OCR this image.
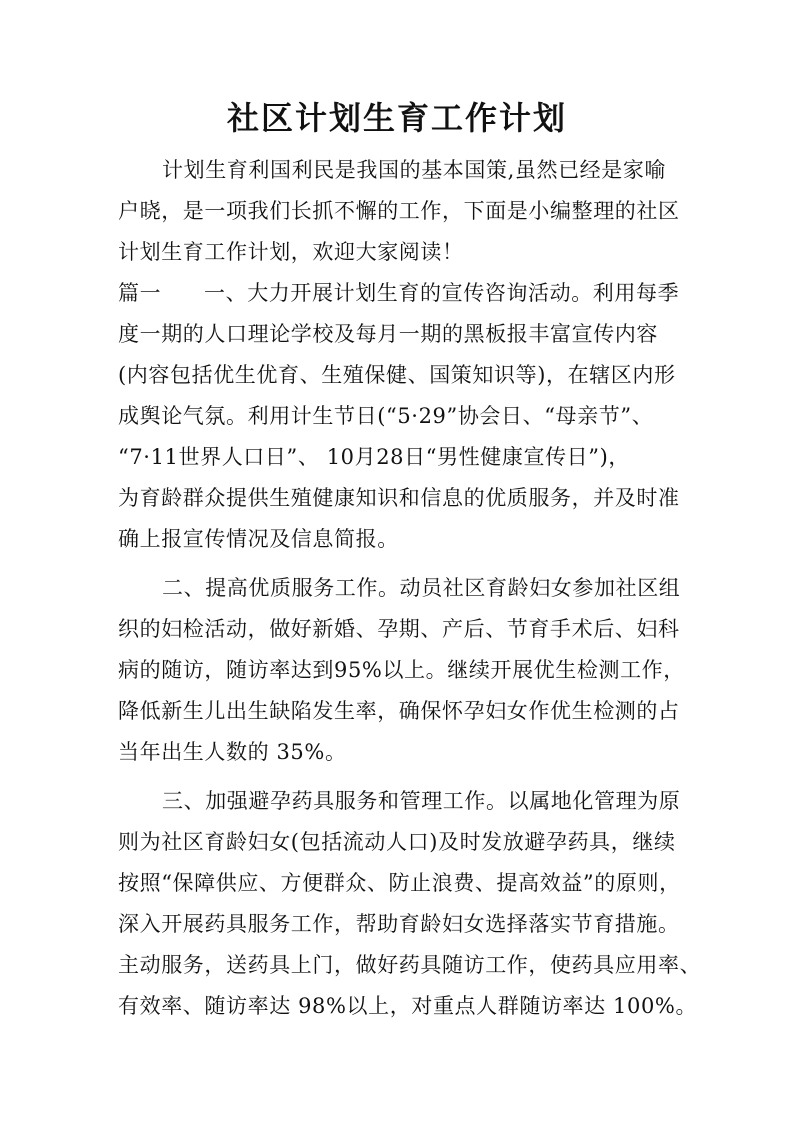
社区计划生育工作计划
计划生育利国利民是我国的基本国策,虽然已经是家喻
户晓，是一项我们长抓不懈的工作，下面是小编整理的社区
计划生育工作计划，欢迎大家阅读！
篇一 一、大力开展计划生育的宣传咨询活动。利用每季
度一期的人口理论学校及每月一期的黑板报丰富宣传内容
(内容包括优生优育、生殖保健、国策知识等)，在辖区内形
成舆论气氛。利用计生节日(“5·29”协会日、“母亲节”、
“7·11世界人口日”、 10月28日“男性健康宣传日”)，
为育龄群众提供生殖健康知识和信息的优质服务，并及时准
确上报宣传情况及信息简报。
二、提高优质服务工作。动员社区育龄妇女参加社区组
织的妇检活动，做好新婚、孕期、产后、节育手术后、妇科
病的随访，随访率达到95%以上。继续开展优生检测工作，
降低新生儿出生缺陷发生率，确保怀孕妇女作优生检测的占
当年出生人数的 35%。
三、加强避孕药具服务和管理工作。以属地化管理为原
则为社区育龄妇女(包括流动人口)及时发放避孕药具，继续
按照“保障供应、方便群众、防止浪费、提高效益”的原则，
深入开展药具服务工作，帮助育龄妇女选择落实节育措施。
主动服务，送药具上门，做好药具随访工作，使药具应用率、
有效率、随访率达 98%以上，对重点人群随访率达 100%。
